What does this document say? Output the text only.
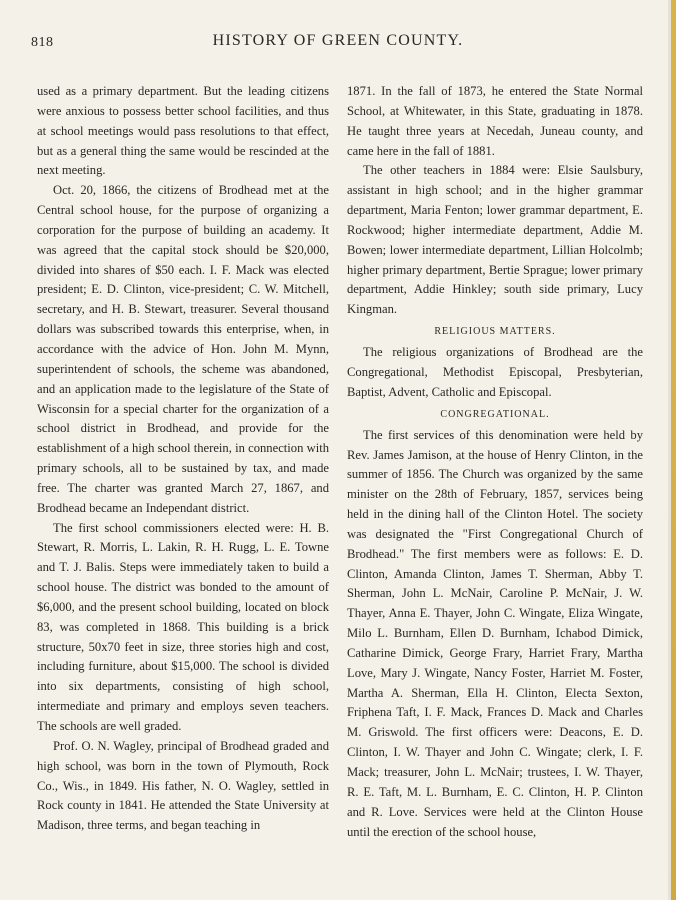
818	HISTORY OF GREEN COUNTY.

used as a primary department. But the leading citizens were anxious to possess better school facilities, and thus at school meetings would pass resolutions to that effect, but as a general thing the same would be rescinded at the next meeting.

Oct. 20, 1866, the citizens of Brodhead met at the Central school house, for the purpose of organizing a corporation for the purpose of building an academy. It was agreed that the capital stock should be $20,000, divided into shares of $50 each. I. F. Mack was elected president; E. D. Clinton, vice-president; C. W. Mitchell, secretary, and H. B. Stewart, treasurer. Several thousand dollars was subscribed towards this enterprise, when, in accordance with the advice of Hon. John M. Mynn, superintendent of schools, the scheme was abandoned, and an application made to the legislature of the State of Wisconsin for a special charter for the organization of a school district in Brodhead, and provide for the establishment of a high school therein, in connection with primary schools, all to be sustained by tax, and made free. The charter was granted March 27, 1867, and Brodhead became an Independant district.

The first school commissioners elected were: H. B. Stewart, R. Morris, L. Lakin, R. H. Rugg, L. E. Towne and T. J. Balis. Steps were immediately taken to build a school house. The district was bonded to the amount of $6,000, and the present school building, located on block 83, was completed in 1868. This building is a brick structure, 50x70 feet in size, three stories high and cost, including furniture, about $15,000. The school is divided into six departments, consisting of high school, intermediate and primary and employs seven teachers. The schools are well graded.

Prof. O. N. Wagley, principal of Brodhead graded and high school, was born in the town of Plymouth, Rock Co., Wis., in 1849. His father, N. O. Wagley, settled in Rock county in 1841. He attended the State University at Madison, three terms, and began teaching in

1871. In the fall of 1873, he entered the State Normal School, at Whitewater, in this State, graduating in 1878. He taught three years at Necedah, Juneau county, and came here in the fall of 1881.

The other teachers in 1884 were: Elsie Saulsbury, assistant in high school; and in the higher grammar department, Maria Fenton; lower grammar department, E. Rockwood; higher intermediate department, Addie M. Bowen; lower intermediate department, Lillian Holcolmb; higher primary department, Bertie Sprague; lower primary department, Addie Hinkley; south side primary, Lucy Kingman.

RELIGIOUS MATTERS.

The religious organizations of Brodhead are the Congregational, Methodist Episcopal, Presbyterian, Baptist, Advent, Catholic and Episcopal.

CONGREGATIONAL.

The first services of this denomination were held by Rev. James Jamison, at the house of Henry Clinton, in the summer of 1856. The Church was organized by the same minister on the 28th of February, 1857, services being held in the dining hall of the Clinton Hotel. The society was designated the "First Congregational Church of Brodhead." The first members were as follows: E. D. Clinton, Amanda Clinton, James T. Sherman, Abby T. Sherman, John L. McNair, Caroline P. McNair, J. W. Thayer, Anna E. Thayer, John C. Wingate, Eliza Wingate, Milo L. Burnham, Ellen D. Burnham, Ichabod Dimick, Catharine Dimick, George Frary, Harriet Frary, Martha Love, Mary J. Wingate, Nancy Foster, Harriet M. Foster, Martha A. Sherman, Ella H. Clinton, Electa Sexton, Friphena Taft, I. F. Mack, Frances D. Mack and Charles M. Griswold. The first officers were: Deacons, E. D. Clinton, I. W. Thayer and John C. Wingate; clerk, I. F. Mack; treasurer, John L. McNair; trustees, I. W. Thayer, R. E. Taft, M. L. Burnham, E. C. Clinton, H. P. Clinton and R. Love. Services were held at the Clinton House until the erection of the school house,
